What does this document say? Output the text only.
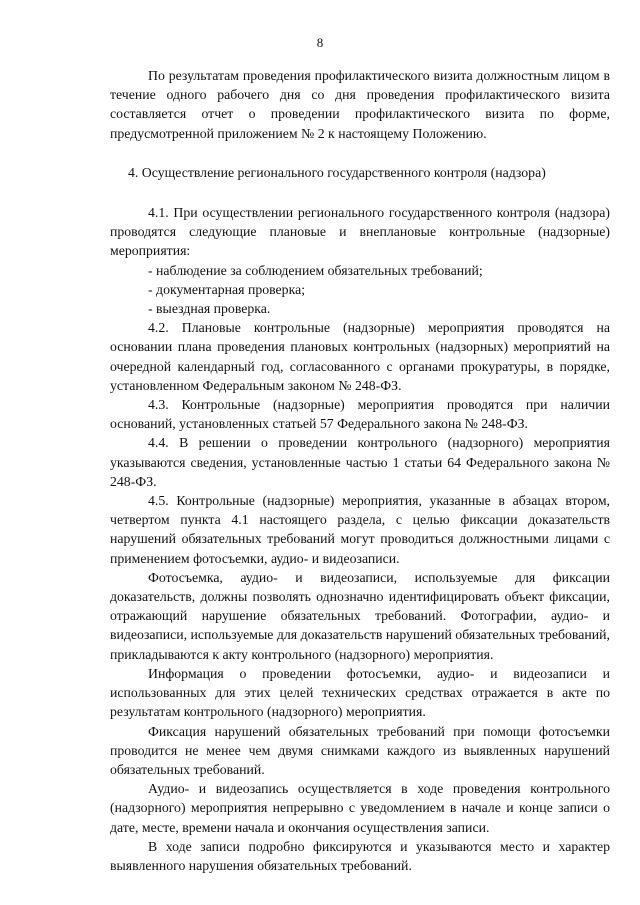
8

По результатам проведения профилактического визита должностным лицом в течение одного рабочего дня со дня проведения профилактического визита составляется отчет о проведении профилактического визита по форме, предусмотренной приложением № 2 к настоящему Положению.

4. Осуществление регионального государственного контроля (надзора)

4.1. При осуществлении регионального государственного контроля (надзора) проводятся следующие плановые и внеплановые контрольные (надзорные) мероприятия:

- наблюдение за соблюдением обязательных требований;

- документарная проверка;

- выездная проверка.

4.2. Плановые контрольные (надзорные) мероприятия проводятся на основании плана проведения плановых контрольных (надзорных) мероприятий на очередной календарный год, согласованного с органами прокуратуры, в порядке, установленном Федеральным законом № 248-ФЗ.

4.3. Контрольные (надзорные) мероприятия проводятся при наличии оснований, установленных статьей 57 Федерального закона № 248-ФЗ.

4.4. В решении о проведении контрольного (надзорного) мероприятия указываются сведения, установленные частью 1 статьи 64 Федерального закона № 248-ФЗ.

4.5. Контрольные (надзорные) мероприятия, указанные в абзацах втором, четвертом пункта 4.1 настоящего раздела, с целью фиксации доказательств нарушений обязательных требований могут проводиться должностными лицами с применением фотосъемки, аудио- и видеозаписи.

Фотосъемка, аудио- и видеозаписи, используемые для фиксации доказательств, должны позволять однозначно идентифицировать объект фиксации, отражающий нарушение обязательных требований. Фотографии, аудио- и видеозаписи, используемые для доказательств нарушений обязательных требований, прикладываются к акту контрольного (надзорного) мероприятия.

Информация о проведении фотосъемки, аудио- и видеозаписи и использованных для этих целей технических средствах отражается в акте по результатам контрольного (надзорного) мероприятия.

Фиксация нарушений обязательных требований при помощи фотосъемки проводится не менее чем двумя снимками каждого из выявленных нарушений обязательных требований.

Аудио- и видеозапись осуществляется в ходе проведения контрольного (надзорного) мероприятия непрерывно с уведомлением в начале и конце записи о дате, месте, времени начала и окончания осуществления записи.

В ходе записи подробно фиксируются и указываются место и характер выявленного нарушения обязательных требований.
